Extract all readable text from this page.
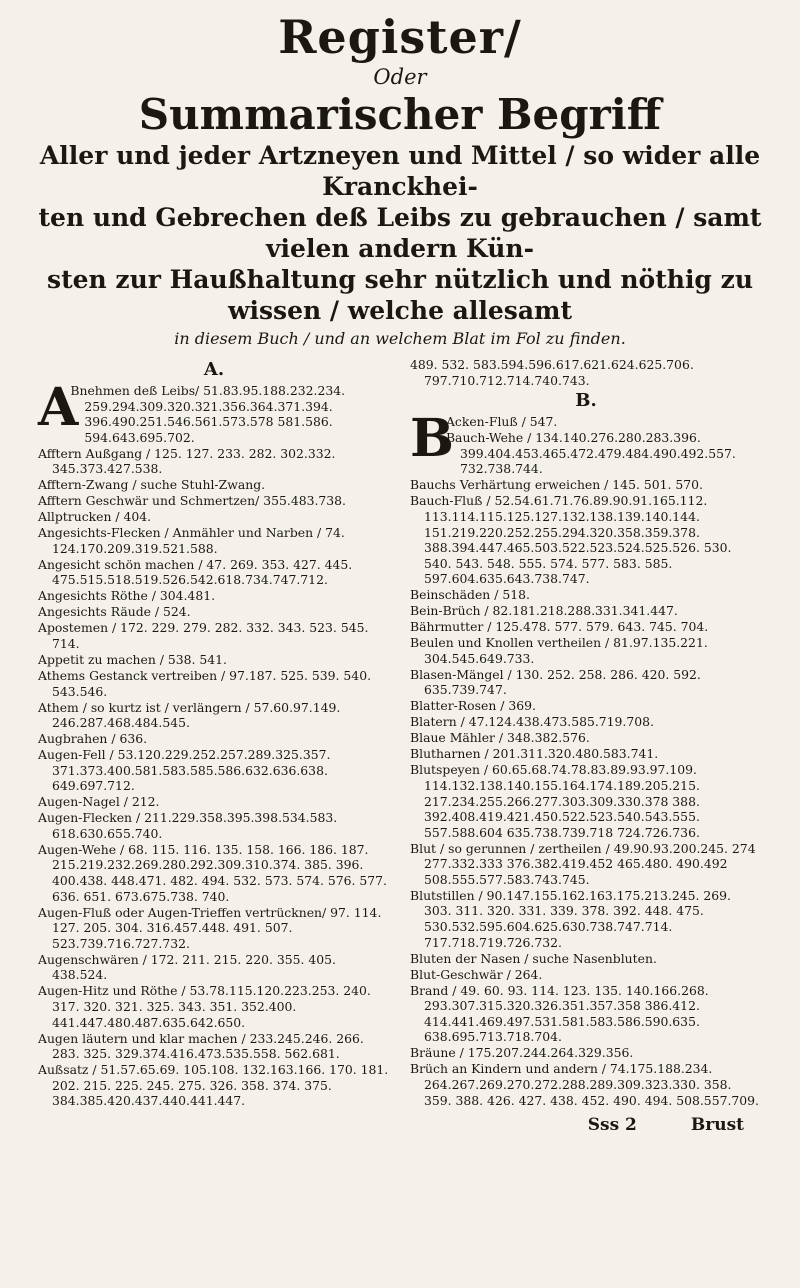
Register/
Oder
Summarischer Begriff
Aller und jeder Artzneyen und Mittel / so wider alle Kranckhei-
ten und Gebrechen deß Leibs zu gebrauchen / samt vielen andern Kün-
sten zur Haußhaltung sehr nützlich und nöthig zu wissen / welche allesamt
in diesem Buch / und an welchem Blat im Fol zu finden.
A.
A
Bnehmen deß Leibs/ 51.83.95.188.232.234. 259.294.309.320.321.356.364.371.394. 396.490.251.546.561.573.578 581.586. 594.643.695.702.
Afftern Außgang / 125. 127. 233. 282. 302.332. 345.373.427.538.
Afftern-Zwang / suche Stuhl-Zwang.
Afftern Geschwär und Schmertzen/ 355.483.738.
Allptrucken / 404.
Angesichts-Flecken / Anmähler und Narben / 74. 124.170.209.319.521.588.
Angesicht schön machen / 47. 269. 353. 427. 445. 475.515.518.519.526.542.618.734.747.712.
Angesichts Röthe / 304.481.
Angesichts Räude / 524.
Apostemen / 172. 229. 279. 282. 332. 343. 523. 545. 714.
Appetit zu machen / 538. 541.
Athems Gestanck vertreiben / 97.187. 525. 539. 540. 543.546.
Athem / so kurtz ist / verlängern / 57.60.97.149. 246.287.468.484.545.
Augbrahen / 636.
Augen-Fell / 53.120.229.252.257.289.325.357. 371.373.400.581.583.585.586.632.636.638. 649.697.712.
Augen-Nagel / 212.
Augen-Flecken / 211.229.358.395.398.534.583. 618.630.655.740.
Augen-Wehe / 68. 115. 116. 135. 158. 166. 186. 187. 215.219.232.269.280.292.309.310.374. 385. 396. 400.438. 448.471. 482. 494. 532. 573. 574. 576. 577. 636. 651. 673.675.738. 740.
Augen-Fluß oder Augen-Trieffen vertrücknen/ 97. 114. 127. 205. 304. 316.457.448. 491. 507. 523.739.716.727.732.
Augenschwären / 172. 211. 215. 220. 355. 405. 438.524.
Augen-Hitz und Röthe / 53.78.115.120.223.253. 240. 317. 320. 321. 325. 343. 351. 352.400. 441.447.480.487.635.642.650.
Augen läutern und klar machen / 233.245.246. 266. 283. 325. 329.374.416.473.535.558. 562.681.
Außsatz / 51.57.65.69. 105.108. 132.163.166. 170. 181. 202. 215. 225. 245. 275. 326. 358. 374. 375. 384.385.420.437.440.441.447.
489. 532. 583.594.596.617.621.624.625.706. 797.710.712.714.740.743.
B.
B
Acken-Fluß / 547.
Bauch-Wehe / 134.140.276.280.283.396. 399.404.453.465.472.479.484.490.492.557. 732.738.744.
Bauchs Verhärtung erweichen / 145. 501. 570.
Bauch-Fluß / 52.54.61.71.76.89.90.91.165.112. 113.114.115.125.127.132.138.139.140.144. 151.219.220.252.255.294.320.358.359.378. 388.394.447.465.503.522.523.524.525.526. 530. 540. 543. 548. 555. 574. 577. 583. 585. 597.604.635.643.738.747.
Beinschäden / 518.
Bein-Brüch / 82.181.218.288.331.341.447.
Bährmutter / 125.478. 577. 579. 643. 745. 704.
Beulen und Knollen vertheilen / 81.97.135.221. 304.545.649.733.
Blasen-Mängel / 130. 252. 258. 286. 420. 592. 635.739.747.
Blatter-Rosen / 369.
Blatern / 47.124.438.473.585.719.708.
Blaue Mähler / 348.382.576.
Blutharnen / 201.311.320.480.583.741.
Blutspeyen / 60.65.68.74.78.83.89.93.97.109. 114.132.138.140.155.164.174.189.205.215. 217.234.255.266.277.303.309.330.378 388. 392.408.419.421.450.522.523.540.543.555. 557.588.604 635.738.739.718 724.726.736.
Blut / so gerunnen / zertheilen / 49.90.93.200.245. 274 277.332.333 376.382.419.452 465.480. 490.492 508.555.577.583.743.745.
Blutstillen / 90.147.155.162.163.175.213.245. 269. 303. 311. 320. 331. 339. 378. 392. 448. 475. 530.532.595.604.625.630.738.747.714. 717.718.719.726.732.
Bluten der Nasen / suche Nasenbluten.
Blut-Geschwär / 264.
Brand / 49. 60. 93. 114. 123. 135. 140.166.268. 293.307.315.320.326.351.357.358 386.412. 414.441.469.497.531.581.583.586.590.635. 638.695.713.718.704.
Bräune / 175.207.244.264.329.356.
Brüch an Kindern und andern / 74.175.188.234. 264.267.269.270.272.288.289.309.323.330. 358. 359. 388. 426. 427. 438. 452. 490. 494. 508.557.709.
Sss 2	Brust
